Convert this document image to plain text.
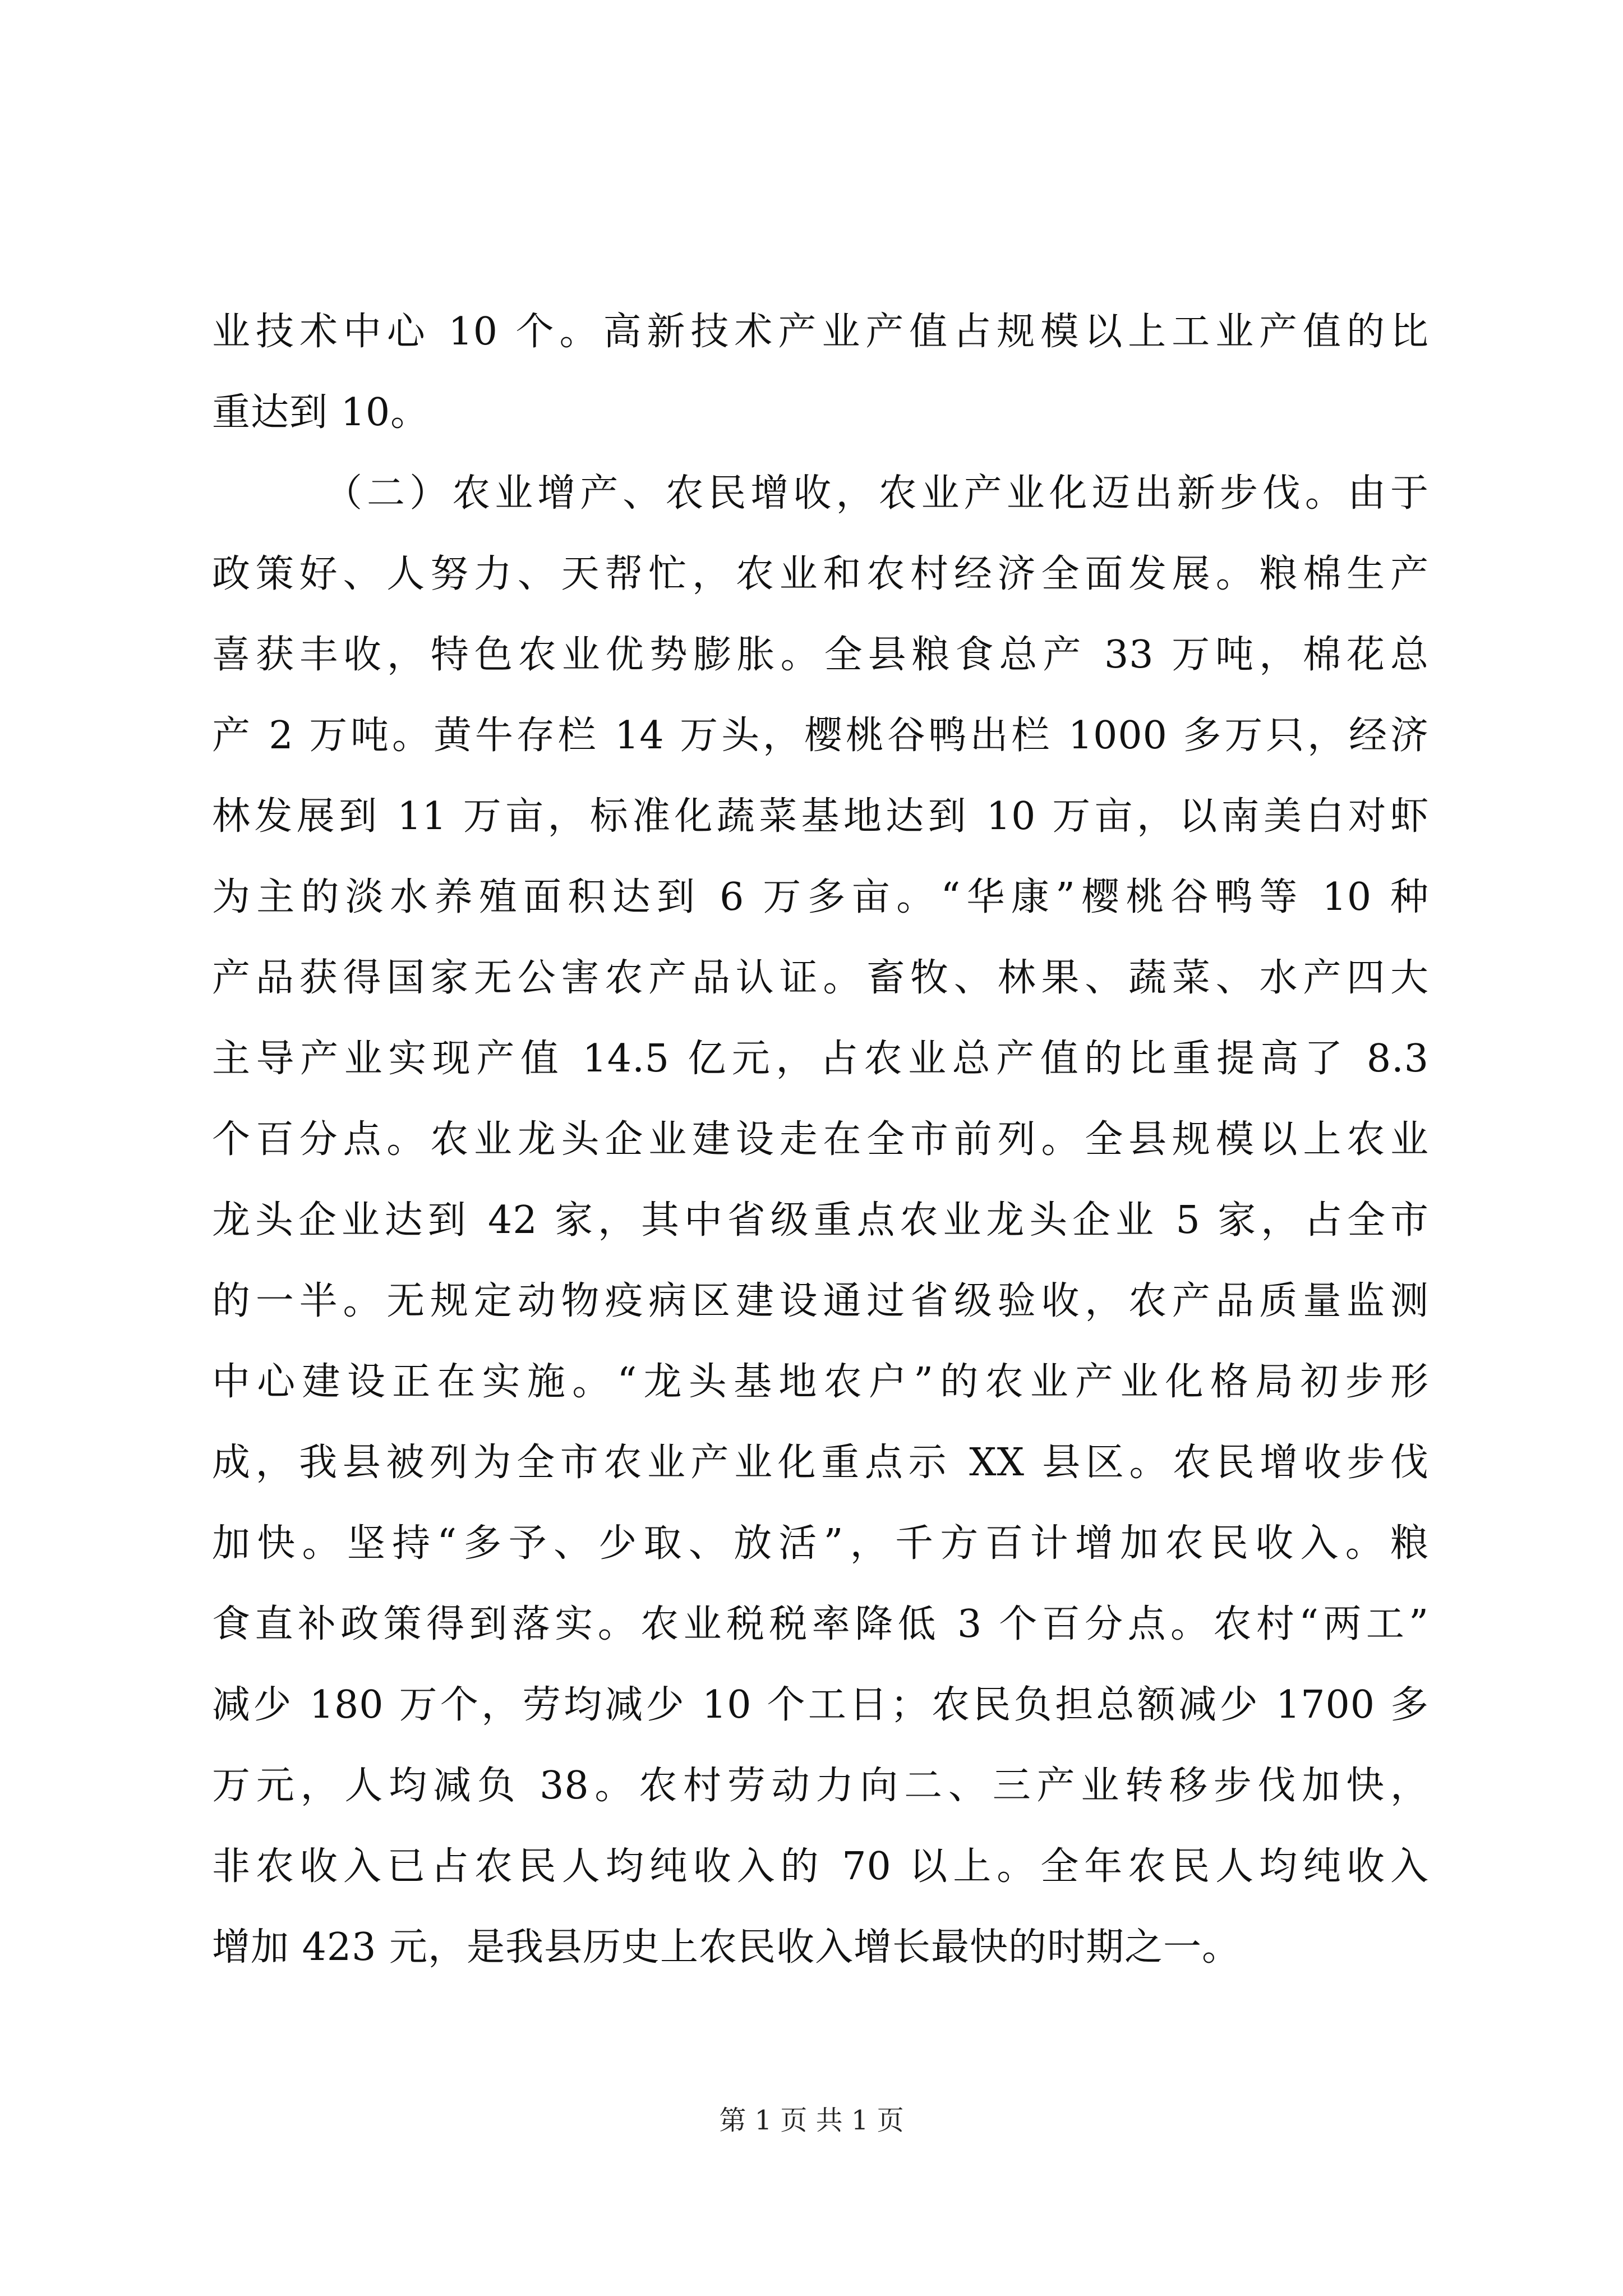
业技术中心 10 个。高新技术产业产值占规模以上工业产值的比
重达到 10。
（二）农业增产、农民增收，农业产业化迈出新步伐。由于
政策好、人努力、天帮忙，农业和农村经济全面发展。粮棉生产
喜获丰收，特色农业优势膨胀。全县粮食总产 33 万吨，棉花总
产 2 万吨。黄牛存栏 14 万头，樱桃谷鸭出栏 1000 多万只，经济
林发展到 11 万亩，标准化蔬菜基地达到 10 万亩，以南美白对虾
为主的淡水养殖面积达到 6 万多亩。“华康”樱桃谷鸭等 10 种
产品获得国家无公害农产品认证。畜牧、林果、蔬菜、水产四大
主导产业实现产值 14.5 亿元，占农业总产值的比重提高了 8.3
个百分点。农业龙头企业建设走在全市前列。全县规模以上农业
龙头企业达到 42 家，其中省级重点农业龙头企业 5 家，占全市
的一半。无规定动物疫病区建设通过省级验收，农产品质量监测
中心建设正在实施。“龙头基地农户”的农业产业化格局初步形
成，我县被列为全市农业产业化重点示 XX 县区。农民增收步伐
加快。坚持“多予、少取、放活”，千方百计增加农民收入。粮
食直补政策得到落实。农业税税率降低 3 个百分点。农村“两工”
减少 180 万个，劳均减少 10 个工日；农民负担总额减少 1700 多
万元，人均减负 38。农村劳动力向二、三产业转移步伐加快，
非农收入已占农民人均纯收入的 70 以上。全年农民人均纯收入
增加 423 元，是我县历史上农民收入增长最快的时期之一。
第 1 页 共 1 页
